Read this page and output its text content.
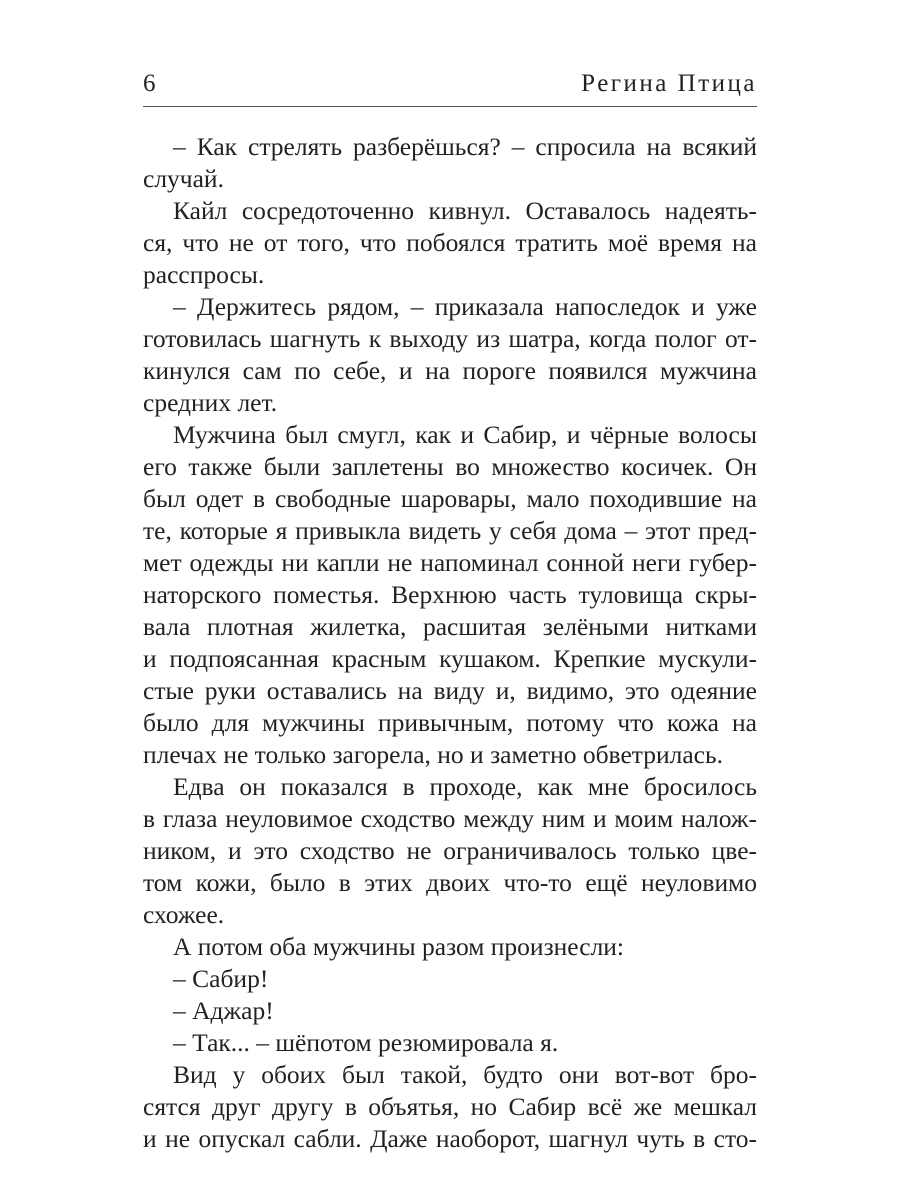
6	Регина Птица
– Как стрелять разберёшься? – спросила на всякий
случай.
Кайл сосредоточенно кивнул. Оставалось надеять-
ся, что не от того, что побоялся тратить моё время на
расспросы.
– Держитесь рядом, – приказала напоследок и уже
готовилась шагнуть к выходу из шатра, когда полог от-
кинулся сам по себе, и на пороге появился мужчина
средних лет.
Мужчина был смугл, как и Сабир, и чёрные волосы
его также были заплетены во множество косичек. Он
был одет в свободные шаровары, мало походившие на
те, которые я привыкла видеть у себя дома – этот пред-
мет одежды ни капли не напоминал сонной неги губер-
наторского поместья. Верхнюю часть туловища скры-
вала плотная жилетка, расшитая зелёными нитками
и подпоясанная красным кушаком. Крепкие мускули-
стые руки оставались на виду и, видимо, это одеяние
было для мужчины привычным, потому что кожа на
плечах не только загорела, но и заметно обветрилась.
Едва он показался в проходе, как мне бросилось
в глаза неуловимое сходство между ним и моим налож-
ником, и это сходство не ограничивалось только цве-
том кожи, было в этих двоих что-то ещё неуловимо
схожее.
А потом оба мужчины разом произнесли:
– Сабир!
– Аджар!
– Так... – шёпотом резюмировала я.
Вид у обоих был такой, будто они вот-вот бро-
сятся друг другу в объятья, но Сабир всё же мешкал
и не опускал сабли. Даже наоборот, шагнул чуть в сто-
